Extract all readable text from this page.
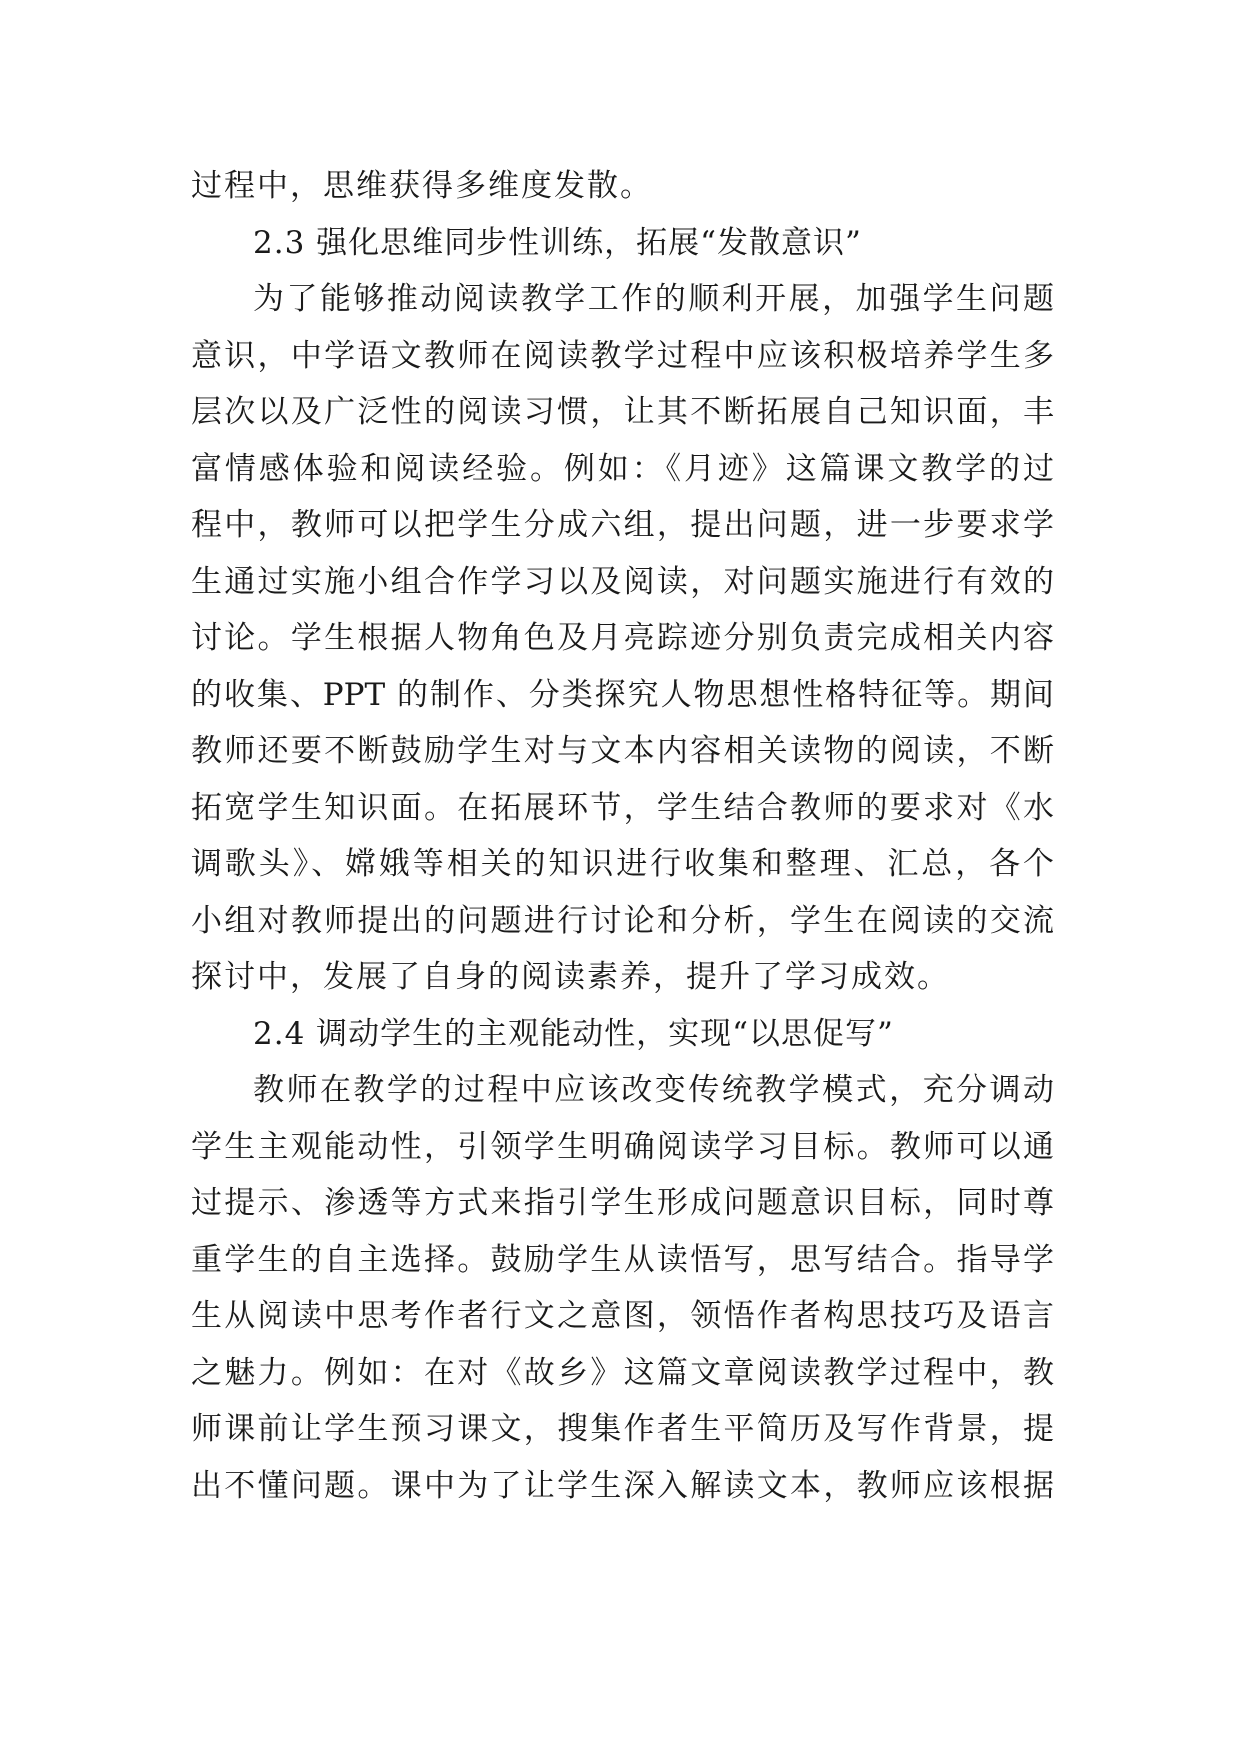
过程中，思维获得多维度发散。
2.3 强化思维同步性训练，拓展“发散意识”
为了能够推动阅读教学工作的顺利开展，加强学生问题
意识，中学语文教师在阅读教学过程中应该积极培养学生多
层次以及广泛性的阅读习惯，让其不断拓展自己知识面，丰
富情感体验和阅读经验。例如：《月迹》这篇课文教学的过
程中，教师可以把学生分成六组，提出问题，进一步要求学
生通过实施小组合作学习以及阅读，对问题实施进行有效的
讨论。学生根据人物角色及月亮踪迹分别负责完成相关内容
的收集、PPT 的制作、分类探究人物思想性格特征等。期间
教师还要不断鼓励学生对与文本内容相关读物的阅读，不断
拓宽学生知识面。在拓展环节，学生结合教师的要求对《水
调歌头》、嫦娥等相关的知识进行收集和整理、汇总，各个
小组对教师提出的问题进行讨论和分析，学生在阅读的交流
探讨中，发展了自身的阅读素养，提升了学习成效。
2.4 调动学生的主观能动性，实现“以思促写”
教师在教学的过程中应该改变传统教学模式，充分调动
学生主观能动性，引领学生明确阅读学习目标。教师可以通
过提示、渗透等方式来指引学生形成问题意识目标，同时尊
重学生的自主选择。鼓励学生从读悟写，思写结合。指导学
生从阅读中思考作者行文之意图，领悟作者构思技巧及语言
之魅力。例如：在对《故乡》这篇文章阅读教学过程中，教
师课前让学生预习课文，搜集作者生平简历及写作背景，提
出不懂问题。课中为了让学生深入解读文本，教师应该根据
